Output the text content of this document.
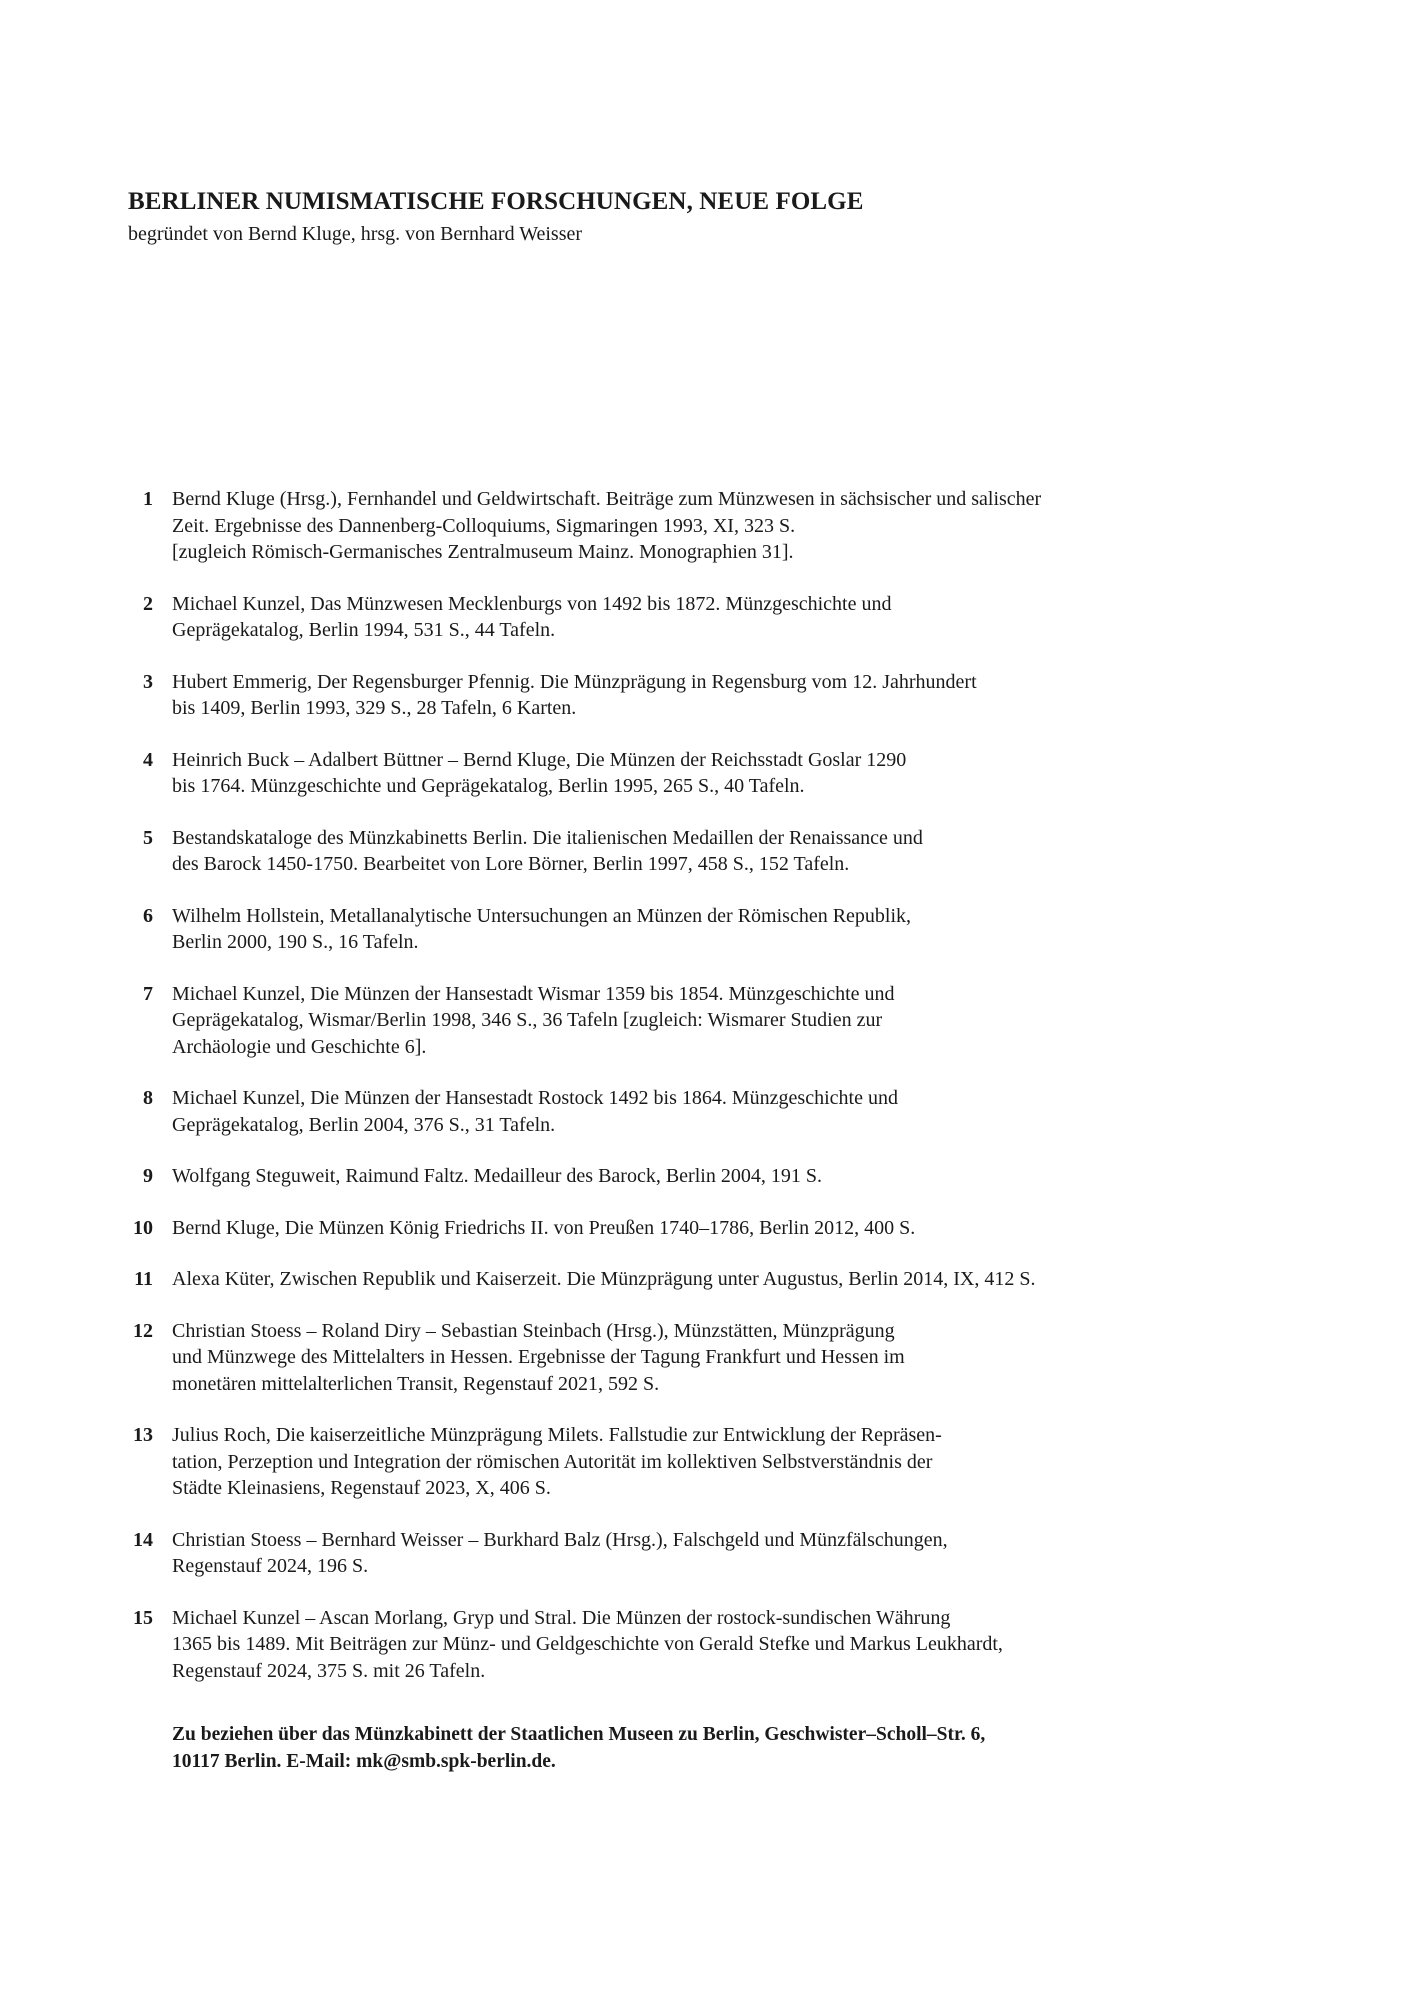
BERLINER NUMISMATISCHE FORSCHUNGEN, NEUE FOLGE

begründet von Bernd Kluge, hrsg. von Bernhard Weisser

1 Bernd Kluge (Hrsg.), Fernhandel und Geldwirtschaft. Beiträge zum Münzwesen in sächsischer und salischer
Zeit. Ergebnisse des Dannenberg-Colloquiums, Sigmaringen 1993, XI, 323 S.
[zugleich Römisch-Germanisches Zentralmuseum Mainz. Monographien 31].
2 Michael Kunzel, Das Münzwesen Mecklenburgs von 1492 bis 1872. Münzgeschichte und
Geprägekatalog, Berlin 1994, 531 S., 44 Tafeln.
3 Hubert Emmerig, Der Regensburger Pfennig. Die Münzprägung in Regensburg vom 12. Jahrhundert
bis 1409, Berlin 1993, 329 S., 28 Tafeln, 6 Karten.
4 Heinrich Buck – Adalbert Büttner – Bernd Kluge, Die Münzen der Reichsstadt Goslar 1290
bis 1764. Münzgeschichte und Geprägekatalog, Berlin 1995, 265 S., 40 Tafeln.
5 Bestandskataloge des Münzkabinetts Berlin. Die italienischen Medaillen der Renaissance und
des Barock 1450-1750. Bearbeitet von Lore Börner, Berlin 1997, 458 S., 152 Tafeln.
6 Wilhelm Hollstein, Metallanalytische Untersuchungen an Münzen der Römischen Republik,
Berlin 2000, 190 S., 16 Tafeln.
7 Michael Kunzel, Die Münzen der Hansestadt Wismar 1359 bis 1854. Münzgeschichte und
Geprägekatalog, Wismar/Berlin 1998, 346 S., 36 Tafeln [zugleich: Wismarer Studien zur
Archäologie und Geschichte 6].
8 Michael Kunzel, Die Münzen der Hansestadt Rostock 1492 bis 1864. Münzgeschichte und
Geprägekatalog, Berlin 2004, 376 S., 31 Tafeln.
9 Wolfgang Steguweit, Raimund Faltz. Medailleur des Barock, Berlin 2004, 191 S.
10 Bernd Kluge, Die Münzen König Friedrichs II. von Preußen 1740–1786, Berlin 2012, 400 S.
11 Alexa Küter, Zwischen Republik und Kaiserzeit. Die Münzprägung unter Augustus, Berlin 2014, IX, 412 S.
12 Christian Stoess – Roland Diry – Sebastian Steinbach (Hrsg.), Münzstätten, Münzprägung
und Münzwege des Mittelalters in Hessen. Ergebnisse der Tagung Frankfurt und Hessen im
monetären mittelalterlichen Transit, Regenstauf 2021, 592 S.
13 Julius Roch, Die kaiserzeitliche Münzprägung Milets. Fallstudie zur Entwicklung der Repräsen-
tation, Perzeption und Integration der römischen Autorität im kollektiven Selbstverständnis der
Städte Kleinasiens, Regenstauf 2023, X, 406 S.
14 Christian Stoess – Bernhard Weisser – Burkhard Balz (Hrsg.), Falschgeld und Münzfälschungen,
Regenstauf 2024, 196 S.
15 Michael Kunzel – Ascan Morlang, Gryp und Stral. Die Münzen der rostock-sundischen Währung
1365 bis 1489. Mit Beiträgen zur Münz- und Geldgeschichte von Gerald Stefke und Markus Leukhardt,
Regenstauf 2024, 375 S. mit 26 Tafeln.

Zu beziehen über das Münzkabinett der Staatlichen Museen zu Berlin, Geschwister–Scholl–Str. 6,
10117 Berlin. E-Mail: mk@smb.spk-berlin.de.
